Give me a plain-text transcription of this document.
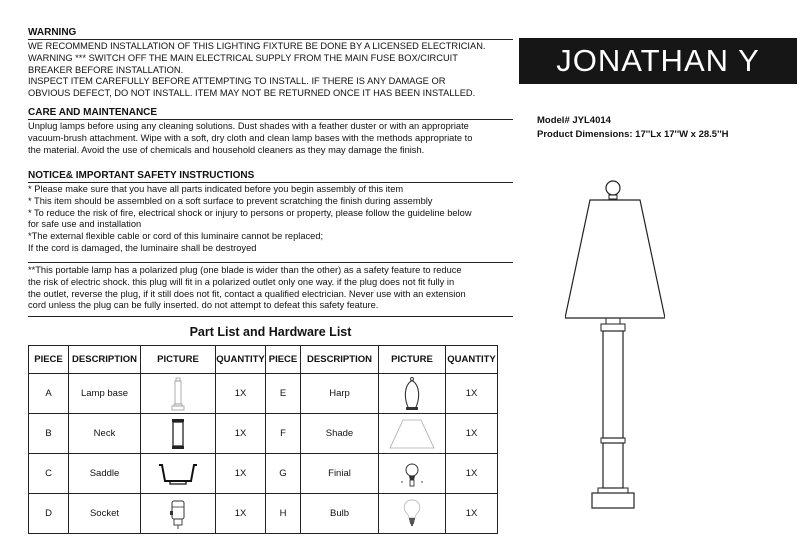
WARNING
WE RECOMMEND INSTALLATION OF THIS LIGHTING FIXTURE BE DONE BY A LICENSED ELECTRICIAN.
WARNING *** SWITCH OFF THE MAIN ELECTRICAL SUPPLY FROM THE MAIN FUSE BOX/CIRCUIT
BREAKER BEFORE INSTALLATION.
INSPECT ITEM CAREFULLY BEFORE ATTEMPTING TO INSTALL. IF THERE IS ANY DAMAGE OR
OBVIOUS DEFECT, DO NOT INSTALL. ITEM MAY NOT BE RETURNED ONCE IT HAS BEEN INSTALLED.
CARE AND MAINTENANCE
Unplug lamps before using any cleaning solutions. Dust shades with a feather duster or with an appropriate
vacuum-brush attachment. Wipe with a soft, dry cloth and clean lamp bases with the methods appropriate to
the material. Avoid the use of chemicals and household cleaners as they may damage the finish.
NOTICE& IMPORTANT SAFETY INSTRUCTIONS
* Please make sure that you have all parts indicated before you begin assembly of this item
* This item should be assembled on a soft surface to prevent scratching the finish during assembly
* To reduce the risk of fire, electrical shock or injury to persons or property, please follow the guideline below
for safe use and installation
*The external flexible cable or cord of this luminaire cannot be replaced;
If the cord is damaged, the luminaire shall be destroyed
**This portable lamp has a polarized plug (one blade is wider than the other) as a safety feature to reduce
the risk of electric shock. this plug will fit in a polarized outlet only one way. if the plug does not fit fully in
the outlet, reverse the plug, if it still does not fit, contact a qualified electrician. Never use with an extension
cord unless the plug can be fully inserted. do not attempt to defeat this safety feature.
JONATHAN Y
Model# JYL4014
Product Dimensions: 17''Lx 17''W x 28.5''H
Part List and Hardware List
PIECE	DESCRIPTION	PICTURE	QUANTITY	PIECE	DESCRIPTION	PICTURE	QUANTITY
A	Lamp base		1X	E	Harp		1X
B	Neck		1X	F	Shade		1X
C	Saddle		1X	G	Finial		1X
D	Socket		1X	H	Bulb		1X
